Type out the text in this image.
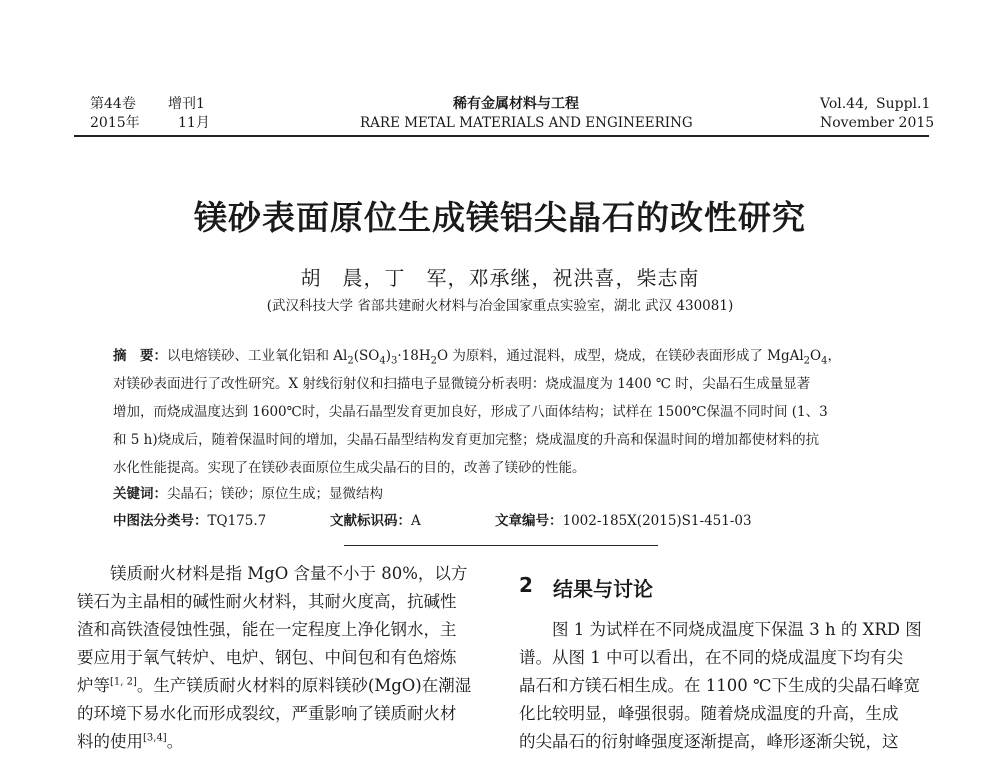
第44卷 增刊1
2015年	11月
稀有金属材料与工程
RARE METAL MATERIALS AND ENGINEERING
Vol.44, Suppl.1
November 2015
镁砂表面原位生成镁铝尖晶石的改性研究
胡　晨，丁　军，邓承继，祝洪喜，柴志南
(武汉科技大学 省部共建耐火材料与冶金国家重点实验室，湖北 武汉 430081)
摘　要：以电熔镁砂、工业氧化铝和 $Al_2(SO_4)_3\cdot 18H_2O$ 为原料，通过混料，成型，烧成，在镁砂表面形成了 $MgAl_2O_4$，
对镁砂表面进行了改性研究。X 射线衍射仪和扫描电子显微镜分析表明：烧成温度为 1400 ℃ 时，尖晶石生成量显著
增加，而烧成温度达到 1600℃时，尖晶石晶型发育更加良好，形成了八面体结构；试样在 1500℃保温不同时间 (1、3
和 5 h)烧成后，随着保温时间的增加，尖晶石晶型结构发育更加完整；烧成温度的升高和保温时间的增加都使材料的抗
水化性能提高。实现了在镁砂表面原位生成尖晶石的目的，改善了镁砂的性能。
关键词：尖晶石；镁砂；原位生成；显微结构
中图法分类号：TQ175.7	文献标识码：A	文章编号：1002-185X(2015)S1-451-03
镁质耐火材料是指 MgO 含量不小于 80%，以方
镁石为主晶相的碱性耐火材料，其耐火度高，抗碱性
渣和高铁渣侵蚀性强，能在一定程度上净化钢水，主
要应用于氧气转炉、电炉、钢包、中间包和有色熔炼
炉等[1, 2]。生产镁质耐火材料的原料镁砂(MgO)在潮湿
的环境下易水化而形成裂纹，严重影响了镁质耐火材
料的使用[3,4]。
2 结果与讨论
图 1 为试样在不同烧成温度下保温 3 h 的 XRD 图
谱。从图 1 中可以看出，在不同的烧成温度下均有尖
晶石和方镁石相生成。在 1100 ℃下生成的尖晶石峰宽
化比较明显，峰强很弱。随着烧成温度的升高，生成
的尖晶石的衍射峰强度逐渐提高，峰形逐渐尖锐，这
